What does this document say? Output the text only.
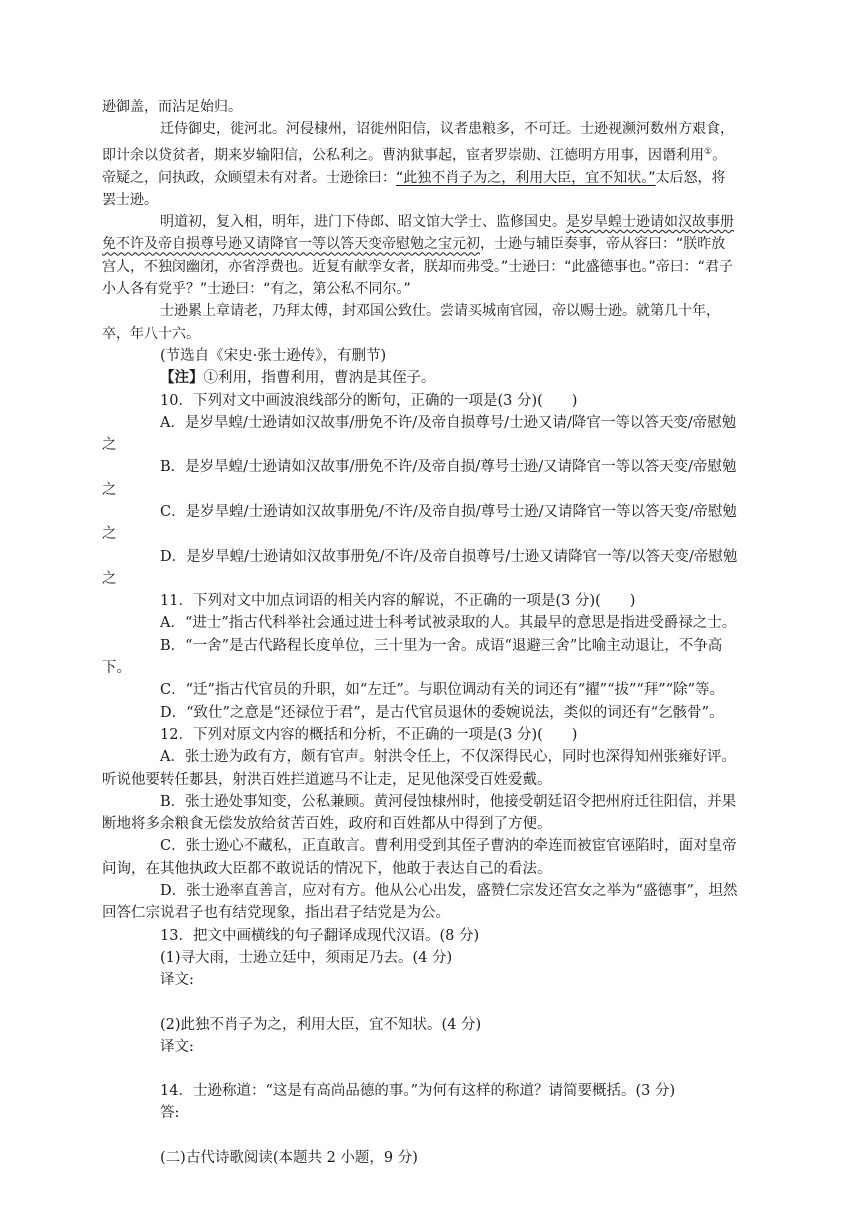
逊御盖，而沾足始归。

迁侍御史，徙河北。河侵棣州，诏徙州阳信，议者患粮多，不可迁。士逊视濒河数州方艰食，即计余以贷贫者，期来岁输阳信，公私利之。曹汭狱事起，宦者罗崇勋、江德明方用事，因谮利用①。帝疑之，问执政，众顾望未有对者。士逊徐曰：“此独不肖子为之，利用大臣，宜不知状。”太后怒，将罢士逊。

明道初，复入相，明年，进门下侍郎、昭文馆大学士、监修国史。是岁旱蝗士逊请如汉故事册免不许及帝自损尊号逊又请降官一等以答天变帝慰勉之宝元初，士逊与辅臣奏事，帝从容曰：“朕昨放宫人，不独闵幽闭，亦省浮费也。近复有献孪女者，朕却而弗受。”士逊曰：“此盛德事也。”帝曰：“君子小人各有党乎？”士逊曰：“有之，第公私不同尔。”

士逊累上章请老，乃拜太傅，封邓国公致仕。尝请买城南官园，帝以赐士逊。就第几十年，卒，年八十六。

(节选自《宋史·张士逊传》，有删节)

【注】①利用，指曹利用，曹汭是其侄子。

10．下列对文中画波浪线部分的断句，正确的一项是(3 分)(　　)

A．是岁旱蝗/士逊请如汉故事/册免不许/及帝自损尊号/士逊又请/降官一等以答天变/帝慰勉之

B．是岁旱蝗/士逊请如汉故事/册免不许/及帝自损/尊号士逊/又请降官一等以答天变/帝慰勉之

C．是岁旱蝗/士逊请如汉故事册免/不许/及帝自损/尊号士逊/又请降官一等以答天变/帝慰勉之

D．是岁旱蝗/士逊请如汉故事册免/不许/及帝自损尊号/士逊又请降官一等/以答天变/帝慰勉之

11．下列对文中加点词语的相关内容的解说，不正确的一项是(3 分)(　　)

A．“进士”指古代科举社会通过进士科考试被录取的人。其最早的意思是指进受爵禄之士。

B．“一舍”是古代路程长度单位，三十里为一舍。成语“退避三舍”比喻主动退让，不争高下。

C．“迁”指古代官员的升职，如“左迁”。与职位调动有关的词还有“擢”“拔”“拜”“除”等。

D．“致仕”之意是“还禄位于君”，是古代官员退休的委婉说法，类似的词还有“乞骸骨”。

12．下列对原文内容的概括和分析，不正确的一项是(3 分)(　　)

A．张士逊为政有方，颇有官声。射洪令任上，不仅深得民心，同时也深得知州张雍好评。听说他要转任郪县，射洪百姓拦道遮马不让走，足见他深受百姓爱戴。

B．张士逊处事知变，公私兼顾。黄河侵蚀棣州时，他接受朝廷诏令把州府迁往阳信，并果断地将多余粮食无偿发放给贫苦百姓，政府和百姓都从中得到了方便。

C．张士逊心不藏私，正直敢言。曹利用受到其侄子曹汭的牵连而被宦官诬陷时，面对皇帝问询，在其他执政大臣都不敢说话的情况下，他敢于表达自己的看法。

D．张士逊率直善言，应对有方。他从公心出发，盛赞仁宗发还宫女之举为“盛德事”，坦然回答仁宗说君子也有结党现象，指出君子结党是为公。

13．把文中画横线的句子翻译成现代汉语。(8 分)

(1)寻大雨，士逊立廷中，须雨足乃去。(4 分)

译文:

(2)此独不肖子为之，利用大臣，宜不知状。(4 分)

译文:

14．士逊称道：“这是有高尚品德的事。”为何有这样的称道？请简要概括。(3 分)

答:

(二)古代诗歌阅读(本题共 2 小题，9 分)
